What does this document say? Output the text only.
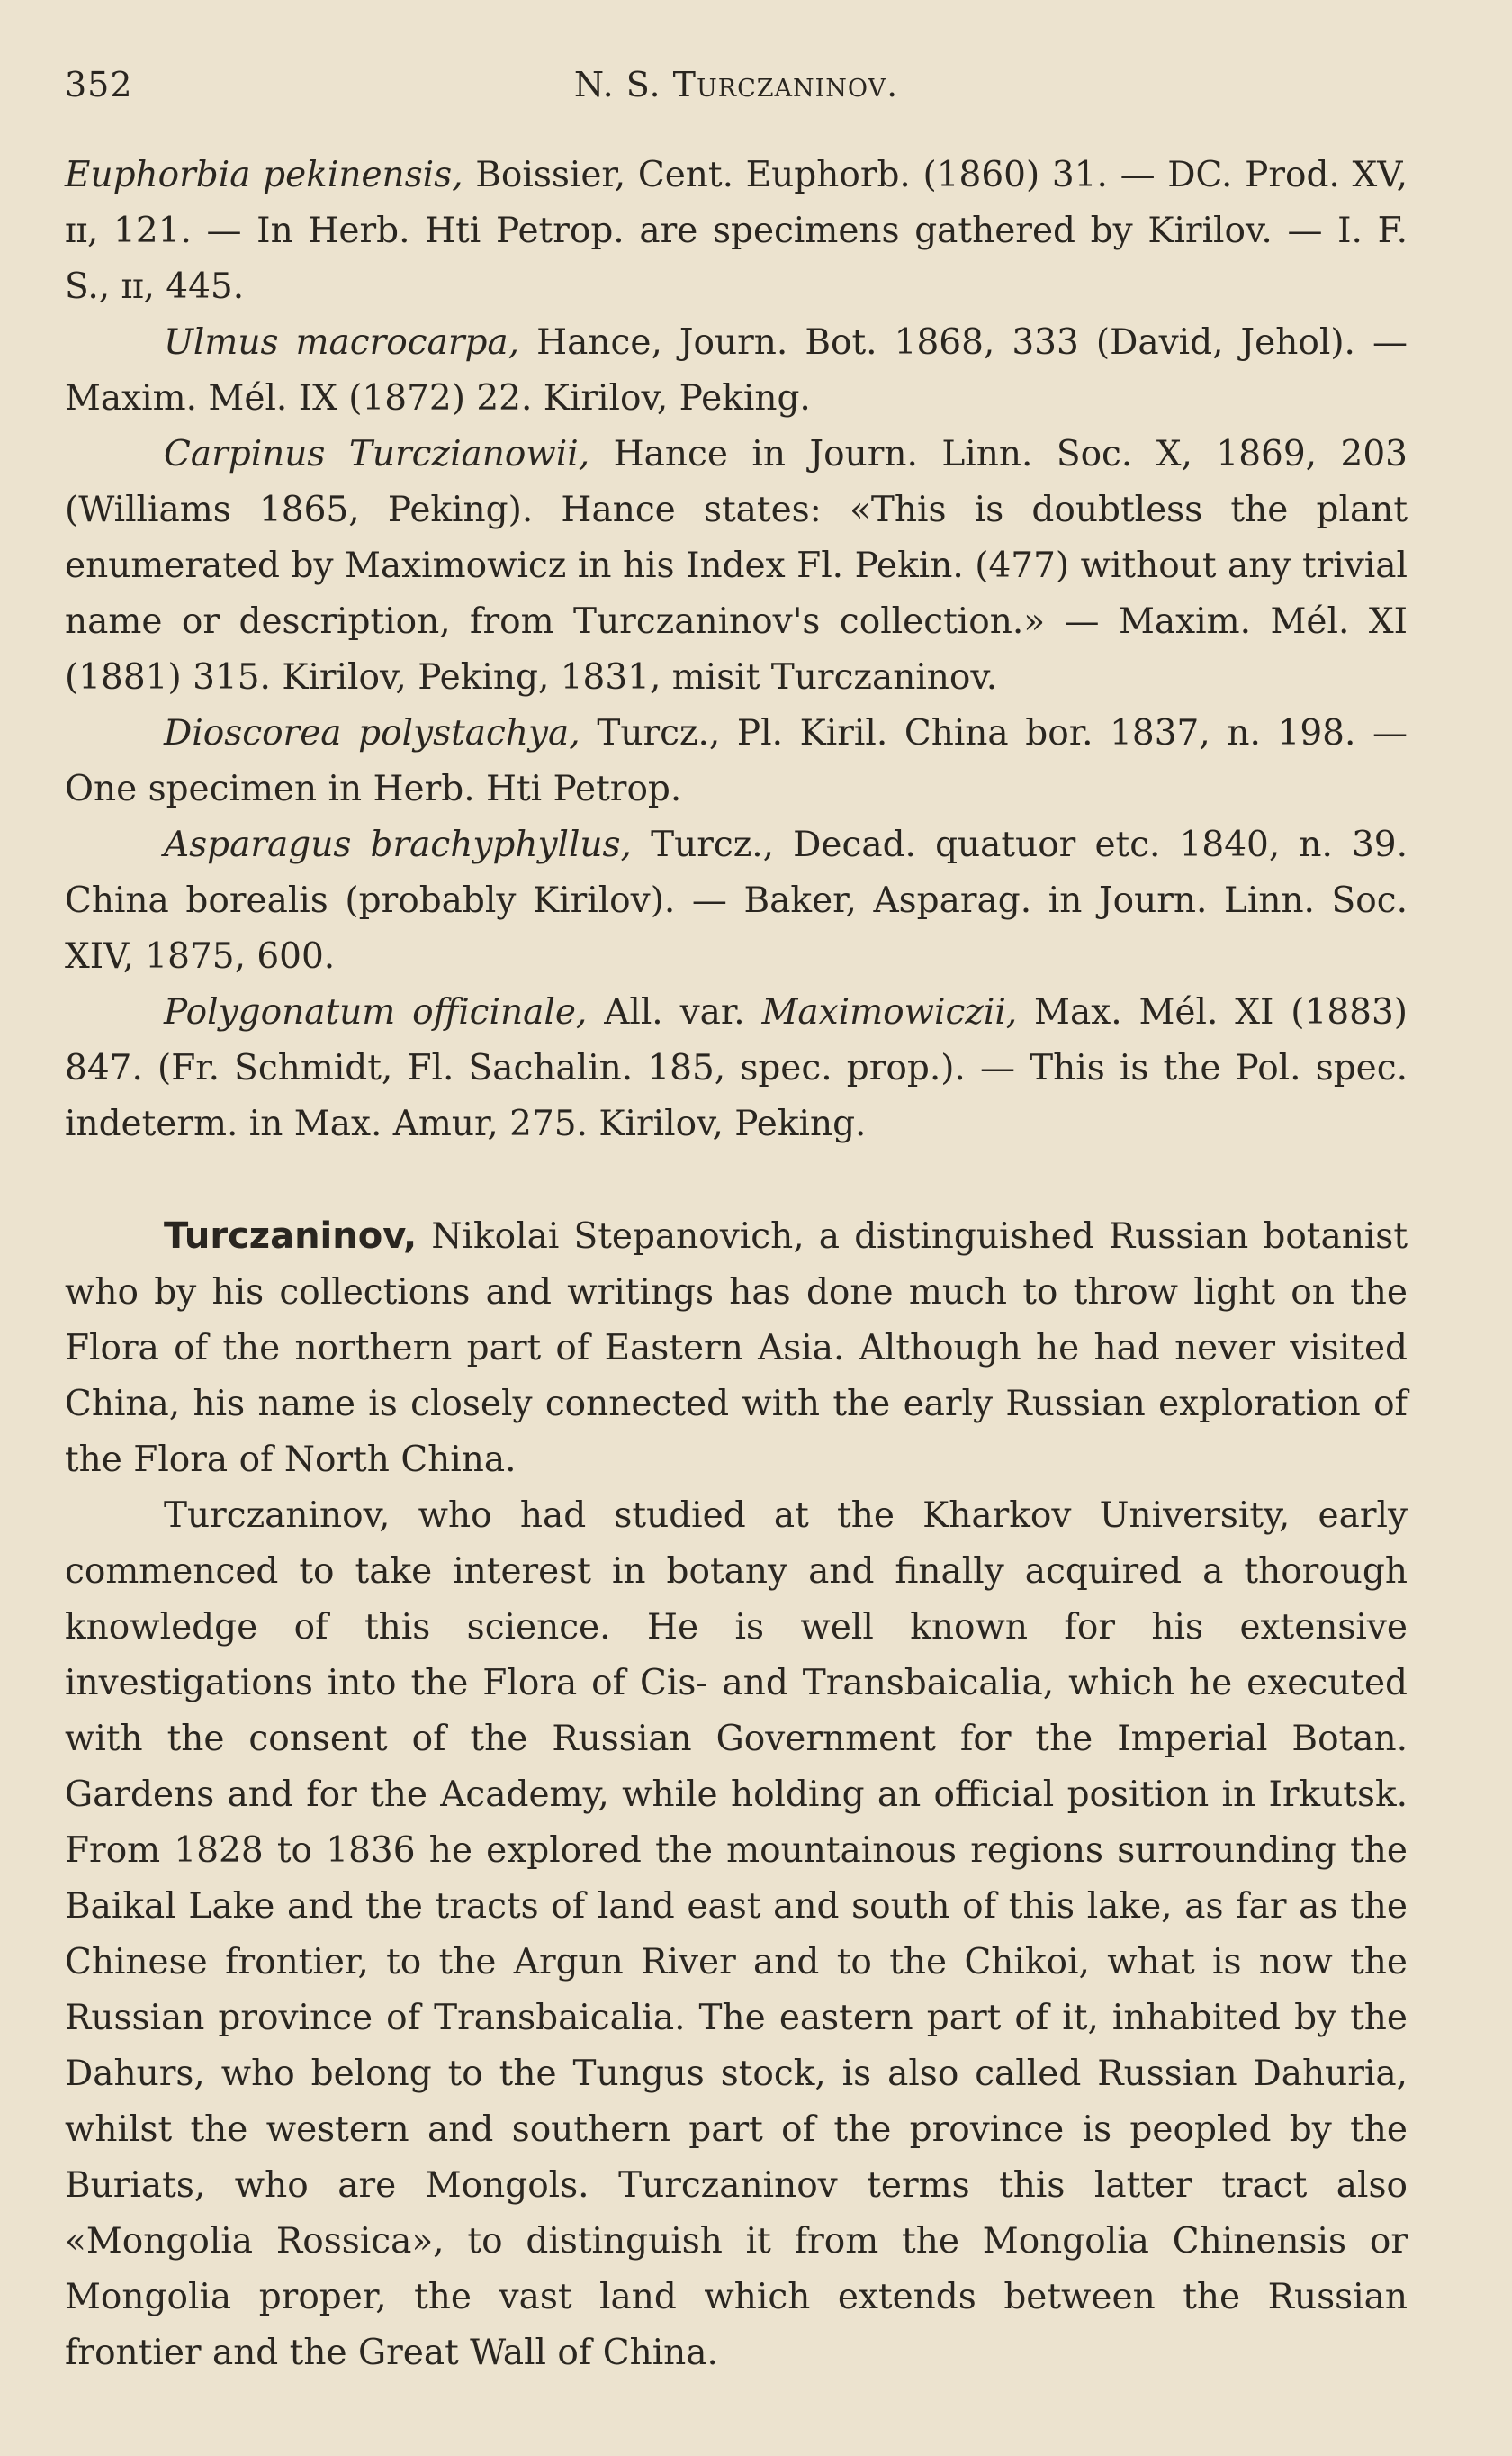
352	N. S. Turczaninov.

Euphorbia pekinensis, Boissier, Cent. Euphorb. (1860) 31. — DC. Prod. XV, ɪɪ, 121. — In Herb. Hti Petrop. are specimens gathered by Kirilov. — I. F. S., ɪɪ, 445.

Ulmus macrocarpa, Hance, Journ. Bot. 1868, 333 (David, Jehol). — Maxim. Mél. IX (1872) 22. Kirilov, Peking.

Carpinus Turczianowii, Hance in Journ. Linn. Soc. X, 1869, 203 (Williams 1865, Peking). Hance states: «This is doubtless the plant enumerated by Maximowicz in his Index Fl. Pekin. (477) without any trivial name or description, from Turczaninov's collection.» — Maxim. Mél. XI (1881) 315. Kirilov, Peking, 1831, misit Turczaninov.

Dioscorea polystachya, Turcz., Pl. Kiril. China bor. 1837, n. 198. — One specimen in Herb. Hti Petrop.

Asparagus brachyphyllus, Turcz., Decad. quatuor etc. 1840, n. 39. China borealis (probably Kirilov). — Baker, Asparag. in Journ. Linn. Soc. XIV, 1875, 600.

Polygonatum officinale, All. var. Maximowiczii, Max. Mél. XI (1883) 847. (Fr. Schmidt, Fl. Sachalin. 185, spec. prop.). — This is the Pol. spec. indeterm. in Max. Amur, 275. Kirilov, Peking.

Turczaninov, Nikolai Stepanovich, a distinguished Russian botanist who by his collections and writings has done much to throw light on the Flora of the northern part of Eastern Asia. Although he had never visited China, his name is closely connected with the early Russian exploration of the Flora of North China.

Turczaninov, who had studied at the Kharkov University, early commenced to take interest in botany and finally acquired a thorough knowledge of this science. He is well known for his extensive investigations into the Flora of Cis- and Transbaicalia, which he executed with the consent of the Russian Government for the Imperial Botan. Gardens and for the Academy, while holding an official position in Irkutsk. From 1828 to 1836 he explored the mountainous regions surrounding the Baikal Lake and the tracts of land east and south of this lake, as far as the Chinese frontier, to the Argun River and to the Chikoi, what is now the Russian province of Transbaicalia. The eastern part of it, inhabited by the Dahurs, who belong to the Tungus stock, is also called Russian Dahuria, whilst the western and southern part of the province is peopled by the Buriats, who are Mongols. Turczaninov terms this latter tract also «Mongolia Rossica», to distinguish it from the Mongolia Chinensis or Mongolia proper, the vast land which extends between the Russian frontier and the Great Wall of China.
